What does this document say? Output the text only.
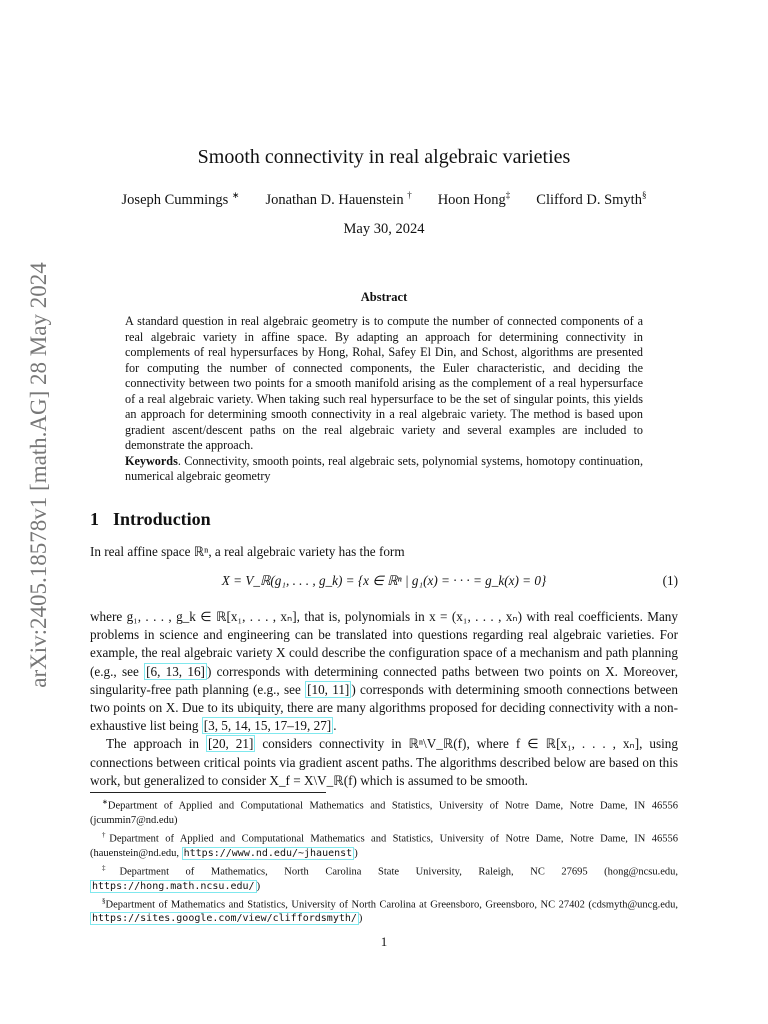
arXiv:2405.18578v1 [math.AG] 28 May 2024
Smooth connectivity in real algebraic varieties
Joseph Cummings ∗ Jonathan D. Hauenstein † Hoon Hong‡ Clifford D. Smyth§
May 30, 2024
Abstract

A standard question in real algebraic geometry is to compute the number of connected components of a real algebraic variety in affine space. By adapting an approach for determining connectivity in complements of real hypersurfaces by Hong, Rohal, Safey El Din, and Schost, algorithms are presented for computing the number of connected components, the Euler characteristic, and deciding the connectivity between two points for a smooth manifold arising as the complement of a real hypersurface of a real algebraic variety. When taking such real hypersurface to be the set of singular points, this yields an approach for determining smooth connectivity in a real algebraic variety. The method is based upon gradient ascent/descent paths on the real algebraic variety and several examples are included to demonstrate the approach.

Keywords. Connectivity, smooth points, real algebraic sets, polynomial systems, homotopy continuation, numerical algebraic geometry

1 Introduction

In real affine space ℝⁿ, a real algebraic variety has the form

X = V_ℝ(g₁, . . . , g_k) = {x ∈ ℝⁿ | g₁(x) = · · · = g_k(x) = 0}	(1)

where g₁, . . . , g_k ∈ ℝ[x₁, . . . , xₙ], that is, polynomials in x = (x₁, . . . , xₙ) with real coefficients. Many problems in science and engineering can be translated into questions regarding real algebraic varieties. For example, the real algebraic variety X could describe the configuration space of a mechanism and path planning (e.g., see [6, 13, 16] ) corresponds with determining connected paths between two points on X. Moreover, singularity-free path planning (e.g., see [10, 11] ) corresponds with determining smooth connections between two points on X. Due to its ubiquity, there are many algorithms proposed for deciding connectivity with a non-exhaustive list being [3, 5, 14, 15, 17–19, 27] .

The approach in [20, 21] considers connectivity in ℝⁿ\V_ℝ(f), where f ∈ ℝ[x₁, . . . , xₙ], using connections between critical points via gradient ascent paths. The algorithms described below are based on this work, but generalized to consider X_f = X\V_ℝ(f) which is assumed to be smooth.

∗Department of Applied and Computational Mathematics and Statistics, University of Notre Dame, Notre Dame, IN 46556 (jcummin7@nd.edu)

†Department of Applied and Computational Mathematics and Statistics, University of Notre Dame, Notre Dame, IN 46556 (hauenstein@nd.edu, https://www.nd.edu/~jhauenst )

‡Department of Mathematics, North Carolina State University, Raleigh, NC 27695 (hong@ncsu.edu, https://hong.math.ncsu.edu/ )

§Department of Mathematics and Statistics, University of North Carolina at Greensboro, Greensboro, NC 27402 (cdsmyth@uncg.edu, https://sites.google.com/view/cliffordsmyth/ )

1
